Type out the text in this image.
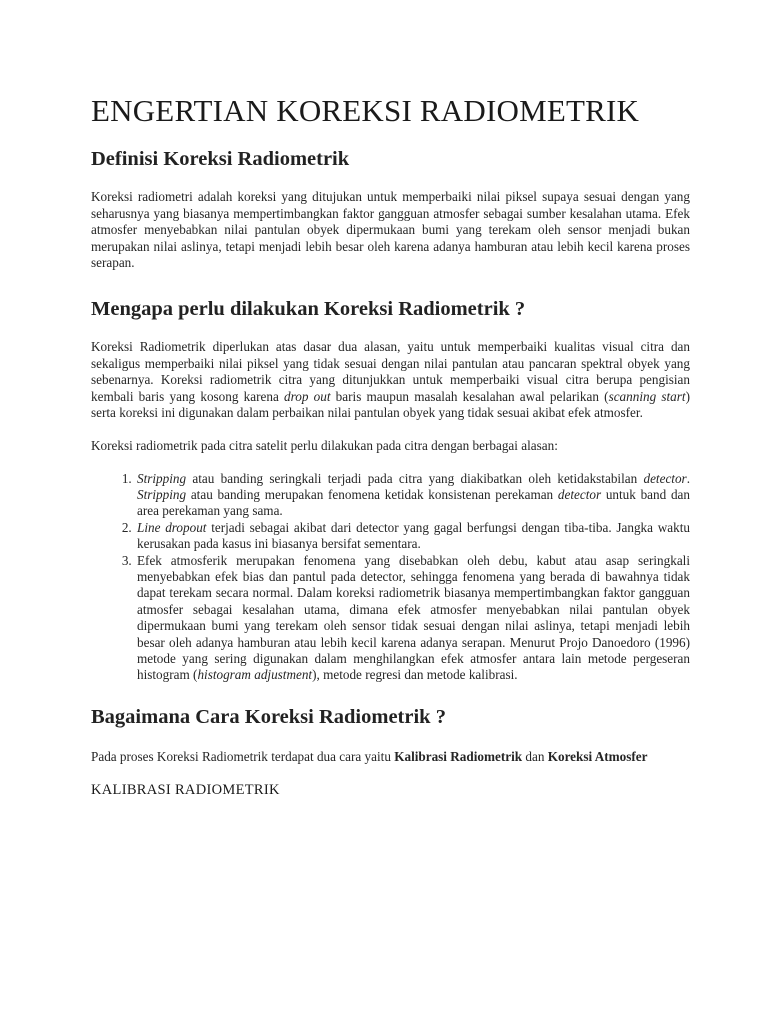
ENGERTIAN KOREKSI RADIOMETRIK
Definisi Koreksi Radiometrik

Koreksi radiometri adalah koreksi yang ditujukan untuk memperbaiki nilai piksel supaya sesuai dengan yang seharusnya yang biasanya mempertimbangkan faktor gangguan atmosfer sebagai sumber kesalahan utama. Efek atmosfer menyebabkan nilai pantulan obyek dipermukaan bumi yang terekam oleh sensor menjadi bukan merupakan nilai aslinya, tetapi menjadi lebih besar oleh karena adanya hamburan atau lebih kecil karena proses serapan.

Mengapa perlu dilakukan Koreksi Radiometrik ?

Koreksi Radiometrik diperlukan atas dasar dua alasan, yaitu untuk memperbaiki kualitas visual citra dan sekaligus memperbaiki nilai piksel yang tidak sesuai dengan nilai pantulan atau pancaran spektral obyek yang sebenarnya. Koreksi radiometrik citra yang ditunjukkan untuk memperbaiki visual citra berupa pengisian kembali baris yang kosong karena drop out baris maupun masalah kesalahan awal pelarikan (scanning start) serta koreksi ini digunakan dalam perbaikan nilai pantulan obyek yang tidak sesuai akibat efek atmosfer.

Koreksi radiometrik pada citra satelit perlu dilakukan pada citra dengan berbagai alasan:

1. Stripping atau banding seringkali terjadi pada citra yang diakibatkan oleh ketidakstabilan detector. Stripping atau banding merupakan fenomena ketidak konsistenan perekaman detector untuk band dan area perekaman yang sama.
2. Line dropout terjadi sebagai akibat dari detector yang gagal berfungsi dengan tiba-tiba. Jangka waktu kerusakan pada kasus ini biasanya bersifat sementara.
3. Efek atmosferik merupakan fenomena yang disebabkan oleh debu, kabut atau asap seringkali menyebabkan efek bias dan pantul pada detector, sehingga fenomena yang berada di bawahnya tidak dapat terekam secara normal. Dalam koreksi radiometrik biasanya mempertimbangkan faktor gangguan atmosfer sebagai kesalahan utama, dimana efek atmosfer menyebabkan nilai pantulan obyek dipermukaan bumi yang terekam oleh sensor tidak sesuai dengan nilai aslinya, tetapi menjadi lebih besar oleh adanya hamburan atau lebih kecil karena adanya serapan. Menurut Projo Danoedoro (1996) metode yang sering digunakan dalam menghilangkan efek atmosfer antara lain metode pergeseran histogram (histogram adjustment), metode regresi dan metode kalibrasi.
Bagaimana Cara Koreksi Radiometrik ?

Pada proses Koreksi Radiometrik terdapat dua cara yaitu Kalibrasi Radiometrik dan Koreksi Atmosfer

KALIBRASI RADIOMETRIK
